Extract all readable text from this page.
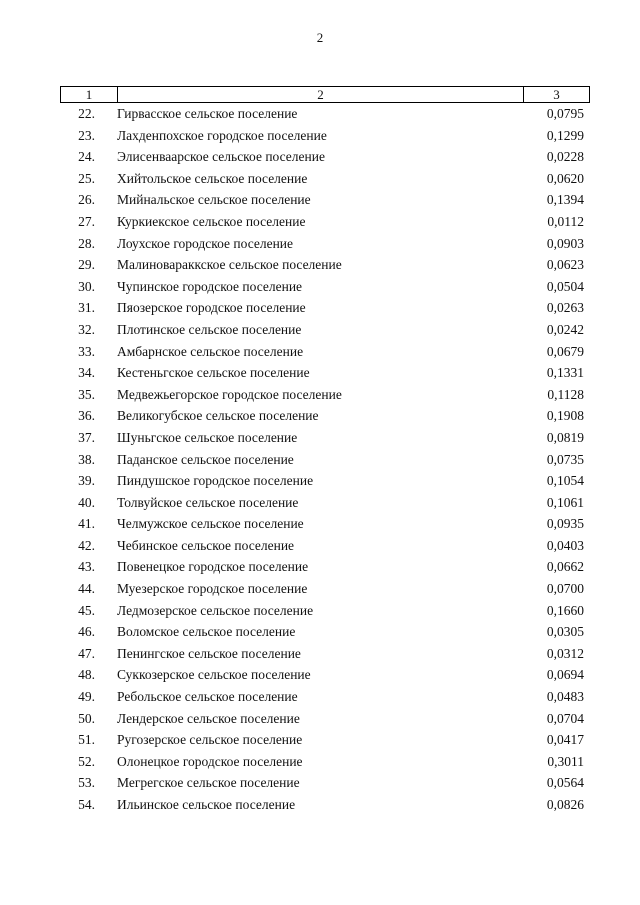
2
1	2	3
22. Гирвасское сельское поселение	0,0795
23. Лахденпохское городское поселение	0,1299
24. Элисенваарское сельское поселение	0,0228
25. Хийтольское сельское поселение	0,0620
26. Мийнальское сельское поселение	0,1394
27. Куркиекское сельское поселение	0,0112
28. Лоухское городское поселение	0,0903
29. Малиновараккское сельское поселение	0,0623
30. Чупинское городское поселение	0,0504
31. Пяозерское городское поселение	0,0263
32. Плотинское сельское поселение	0,0242
33. Амбарнское сельское поселение	0,0679
34. Кестеньгское сельское поселение	0,1331
35. Медвежьегорское городское поселение	0,1128
36. Великогубское сельское поселение	0,1908
37. Шуньгское сельское поселение	0,0819
38. Паданское сельское поселение	0,0735
39. Пиндушское городское поселение	0,1054
40. Толвуйское сельское поселение	0,1061
41. Челмужское сельское поселение	0,0935
42. Чебинское сельское поселение	0,0403
43. Повенецкое городское поселение	0,0662
44. Муезерское городское поселение	0,0700
45. Ледмозерское сельское поселение	0,1660
46. Воломское сельское поселение	0,0305
47. Пенингское сельское поселение	0,0312
48. Суккозерское сельское поселение	0,0694
49. Ребольское сельское поселение	0,0483
50. Лендерское сельское поселение	0,0704
51. Ругозерское сельское поселение	0,0417
52. Олонецкое городское поселение	0,3011
53. Мегрегское сельское поселение	0,0564
54. Ильинское сельское поселение	0,0826
